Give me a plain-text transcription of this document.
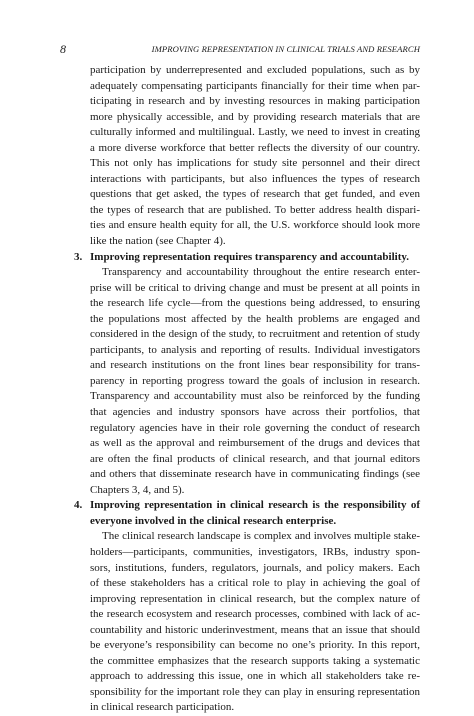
8	IMPROVING REPRESENTATION IN CLINICAL TRIALS AND RESEARCH
participation by underrepresented and excluded populations, such as by
adequately compensating participants financially for their time when par-
ticipating in research and by investing resources in making participation
more physically accessible, and by providing research materials that are
culturally informed and multilingual. Lastly, we need to invest in creating
a more diverse workforce that better reflects the diversity of our country.
This not only has implications for study site personnel and their direct
interactions with participants, but also influences the types of research
questions that get asked, the types of research that get funded, and even
the types of research that are published. To better address health dispari-
ties and ensure health equity for all, the U.S. workforce should look more
like the nation (see Chapter 4).
3. Improving representation requires transparency and accountability.
Transparency and accountability throughout the entire research enter-
prise will be critical to driving change and must be present at all points in
the research life cycle—from the questions being addressed, to ensuring
the populations most affected by the health problems are engaged and
considered in the design of the study, to recruitment and retention of study
participants, to analysis and reporting of results. Individual investigators
and research institutions on the front lines bear responsibility for trans-
parency in reporting progress toward the goals of inclusion in research.
Transparency and accountability must also be reinforced by the funding
that agencies and industry sponsors have across their portfolios, that
regulatory agencies have in their role governing the conduct of research
as well as the approval and reimbursement of the drugs and devices that
are often the final products of clinical research, and that journal editors
and others that disseminate research have in communicating findings (see
Chapters 3, 4, and 5).
4. Improving representation in clinical research is the responsibility of
everyone involved in the clinical research enterprise.
The clinical research landscape is complex and involves multiple stake-
holders—participants, communities, investigators, IRBs, industry spon-
sors, institutions, funders, regulators, journals, and policy makers. Each
of these stakeholders has a critical role to play in achieving the goal of
improving representation in clinical research, but the complex nature of
the research ecosystem and research processes, combined with lack of ac-
countability and historic underinvestment, means that an issue that should
be everyone’s responsibility can become no one’s priority. In this report,
the committee emphasizes that the research supports taking a systematic
approach to addressing this issue, one in which all stakeholders take re-
sponsibility for the important role they can play in ensuring representation
in clinical research participation.
